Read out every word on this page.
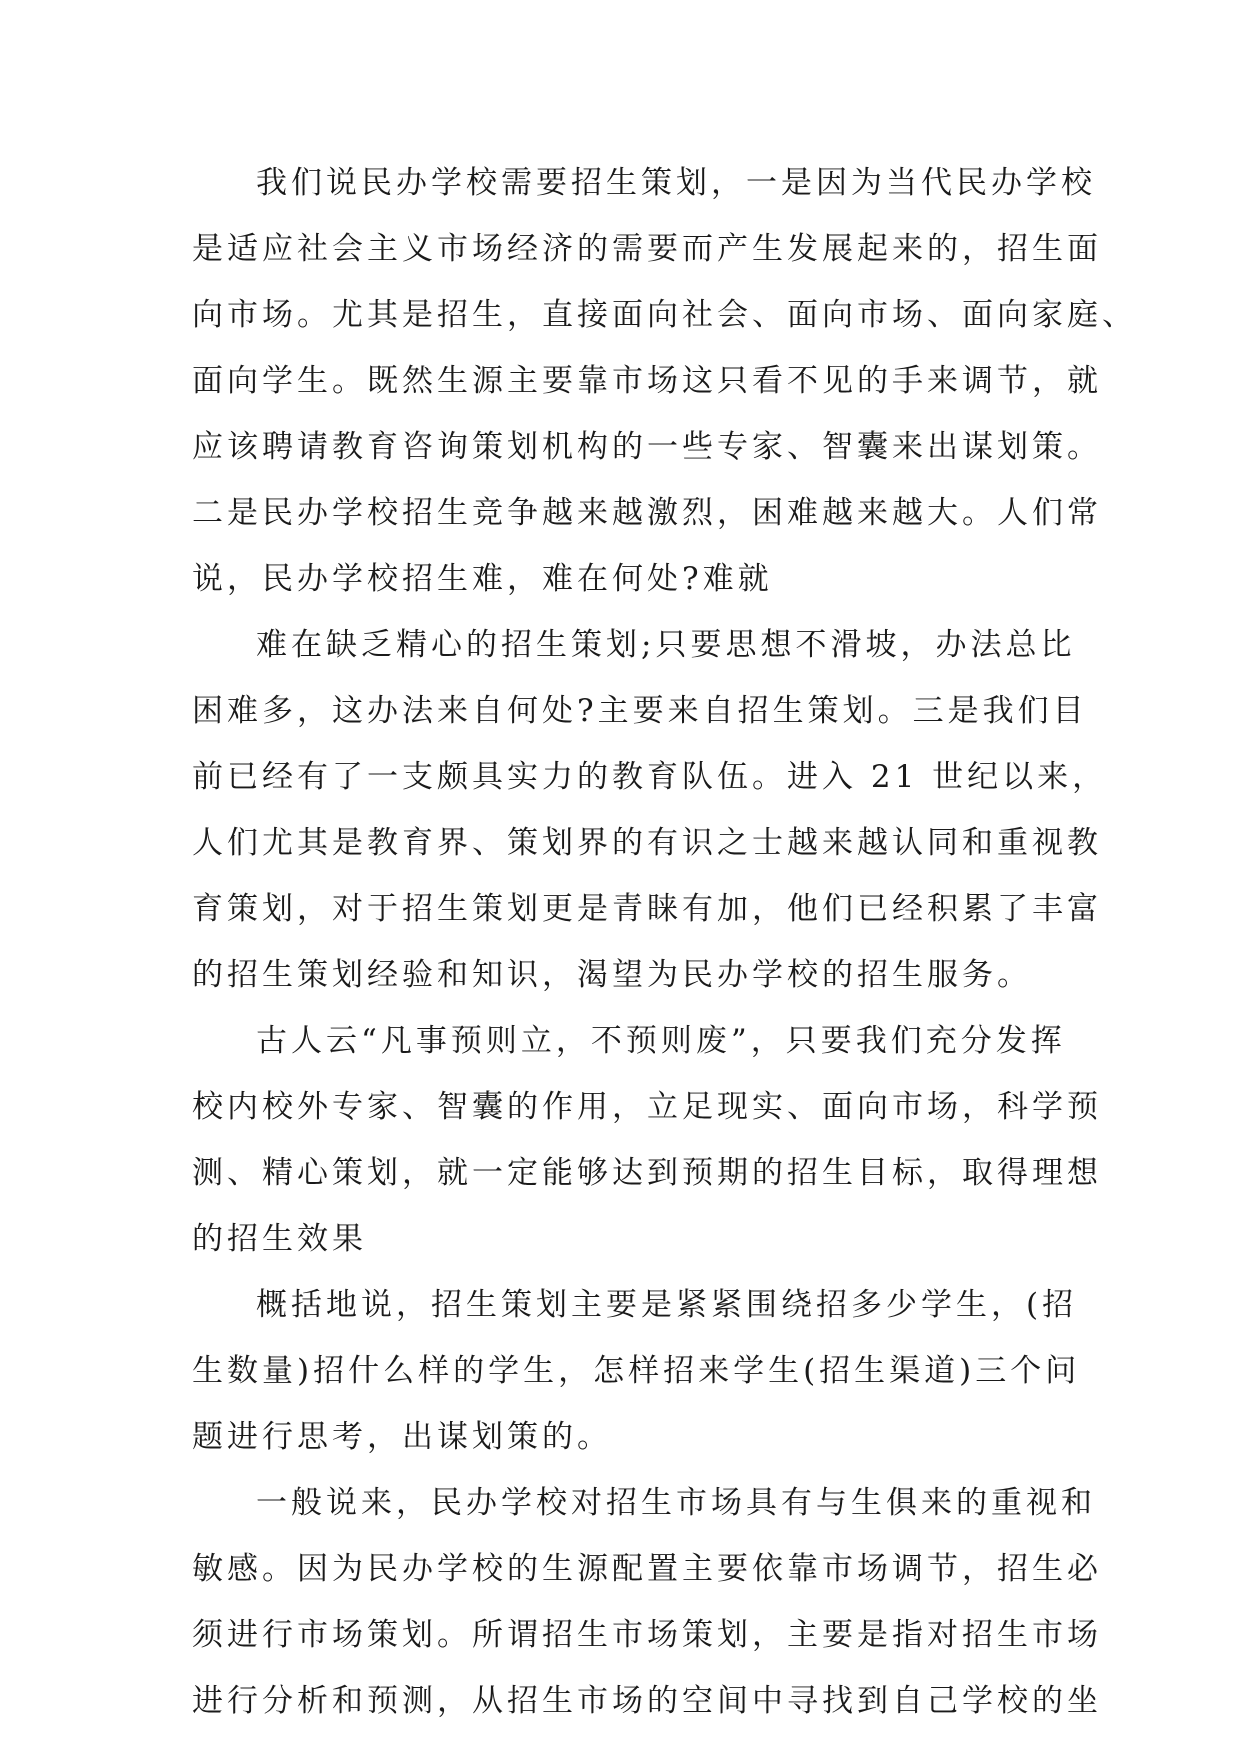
我们说民办学校需要招生策划，一是因为当代民办学校
是适应社会主义市场经济的需要而产生发展起来的，招生面
向市场。尤其是招生，直接面向社会、面向市场、面向家庭、
面向学生。既然生源主要靠市场这只看不见的手来调节，就
应该聘请教育咨询策划机构的一些专家、智囊来出谋划策。
二是民办学校招生竞争越来越激烈，困难越来越大。人们常
说，民办学校招生难，难在何处?难就
难在缺乏精心的招生策划;只要思想不滑坡，办法总比
困难多，这办法来自何处?主要来自招生策划。三是我们目
前已经有了一支颇具实力的教育队伍。进入 21 世纪以来，
人们尤其是教育界、策划界的有识之士越来越认同和重视教
育策划，对于招生策划更是青睐有加，他们已经积累了丰富
的招生策划经验和知识，渴望为民办学校的招生服务。
古人云“凡事预则立，不预则废”，只要我们充分发挥
校内校外专家、智囊的作用，立足现实、面向市场，科学预
测、精心策划，就一定能够达到预期的招生目标，取得理想
的招生效果
概括地说，招生策划主要是紧紧围绕招多少学生，(招
生数量)招什么样的学生，怎样招来学生(招生渠道)三个问
题进行思考，出谋划策的。
一般说来，民办学校对招生市场具有与生俱来的重视和
敏感。因为民办学校的生源配置主要依靠市场调节，招生必
须进行市场策划。所谓招生市场策划，主要是指对招生市场
进行分析和预测，从招生市场的空间中寻找到自己学校的坐
